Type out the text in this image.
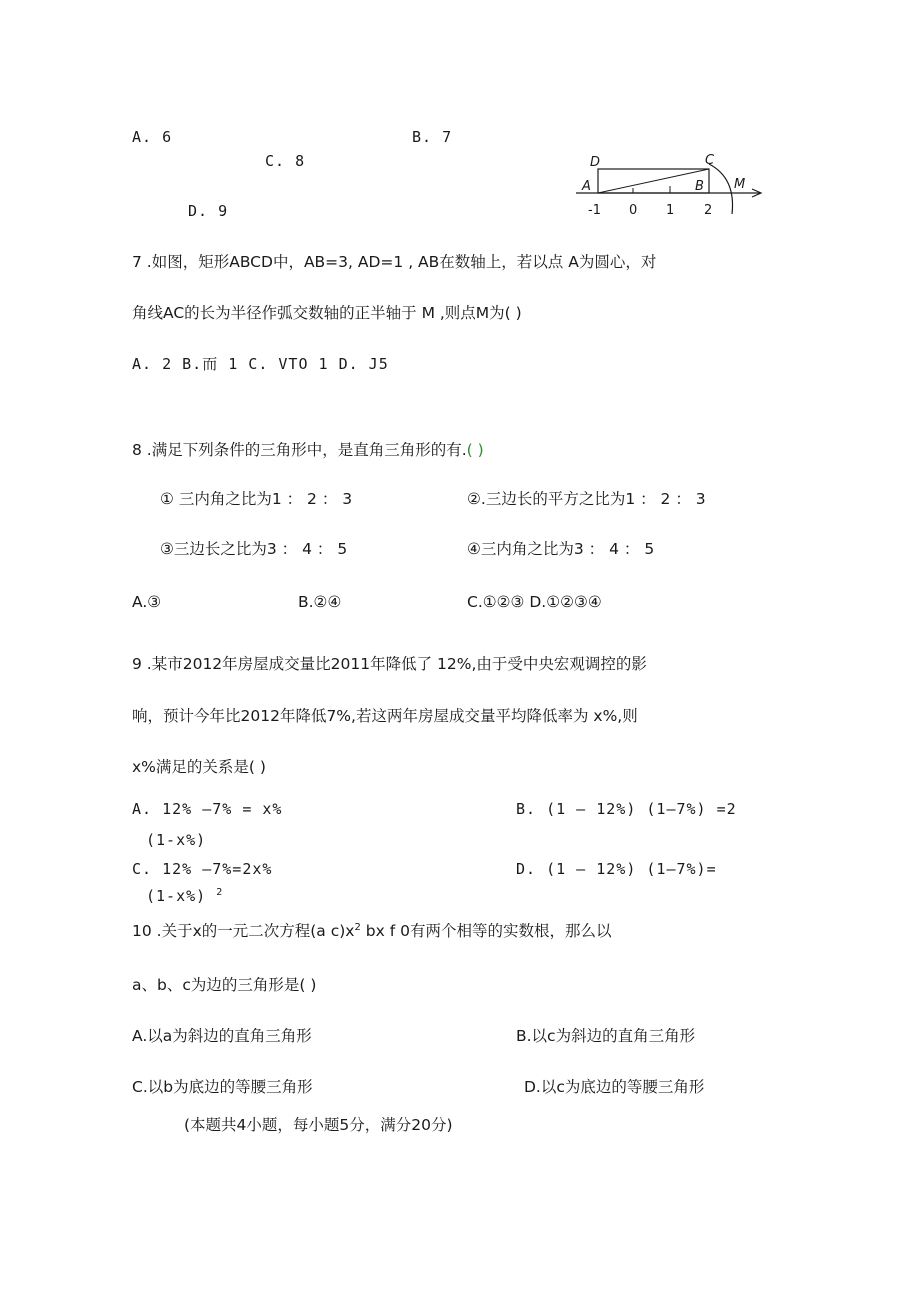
A. 6	B. 7
C. 8
D. 9
D	C
A	B M
-1 0 1 2
7 .如图，矩形ABCD中，AB=3, AD=1 , AB在数轴上，若以点 A为圆心，对
角线AC的长为半径作弧交数轴的正半轴于 M ,则点M为( )
A. 2 B.而 1 C. VTO 1 D. J5
8 .满足下列条件的三角形中，是直角三角形的有.( )
① 三内角之比为1 ： 2 ： 3	②.三边长的平方之比为1 ： 2 ： 3
③三边长之比为3 ： 4 ： 5	④三内角之比为3 ： 4 ： 5
A.③	B.②④	C.①②③ D.①②③④
9 .某市2012年房屋成交量比2011年降低了 12%,由于受中央宏观调控的影
响，预计今年比2012年降低7%,若这两年房屋成交量平均降低率为 x%,则
x%满足的关系是( )
A. 12% —7% = x%	B. (1 — 12%) (1—7%) =2
(1-x%)
C. 12% —7%=2x%	D. (1 — 12%) (1—7%)=
(1-x%) $^2$
10 .关于x的一元二次方程(a $c)x^2$ bx f 0有两个相等的实数根，那么以
a、b、c为边的三角形是( )
A.以a为斜边的直角三角形	B.以c为斜边的直角三角形
C.以b为底边的等腰三角形	D.以c为底边的等腰三角形
(本题共4小题，每小题5分，满分20分)
